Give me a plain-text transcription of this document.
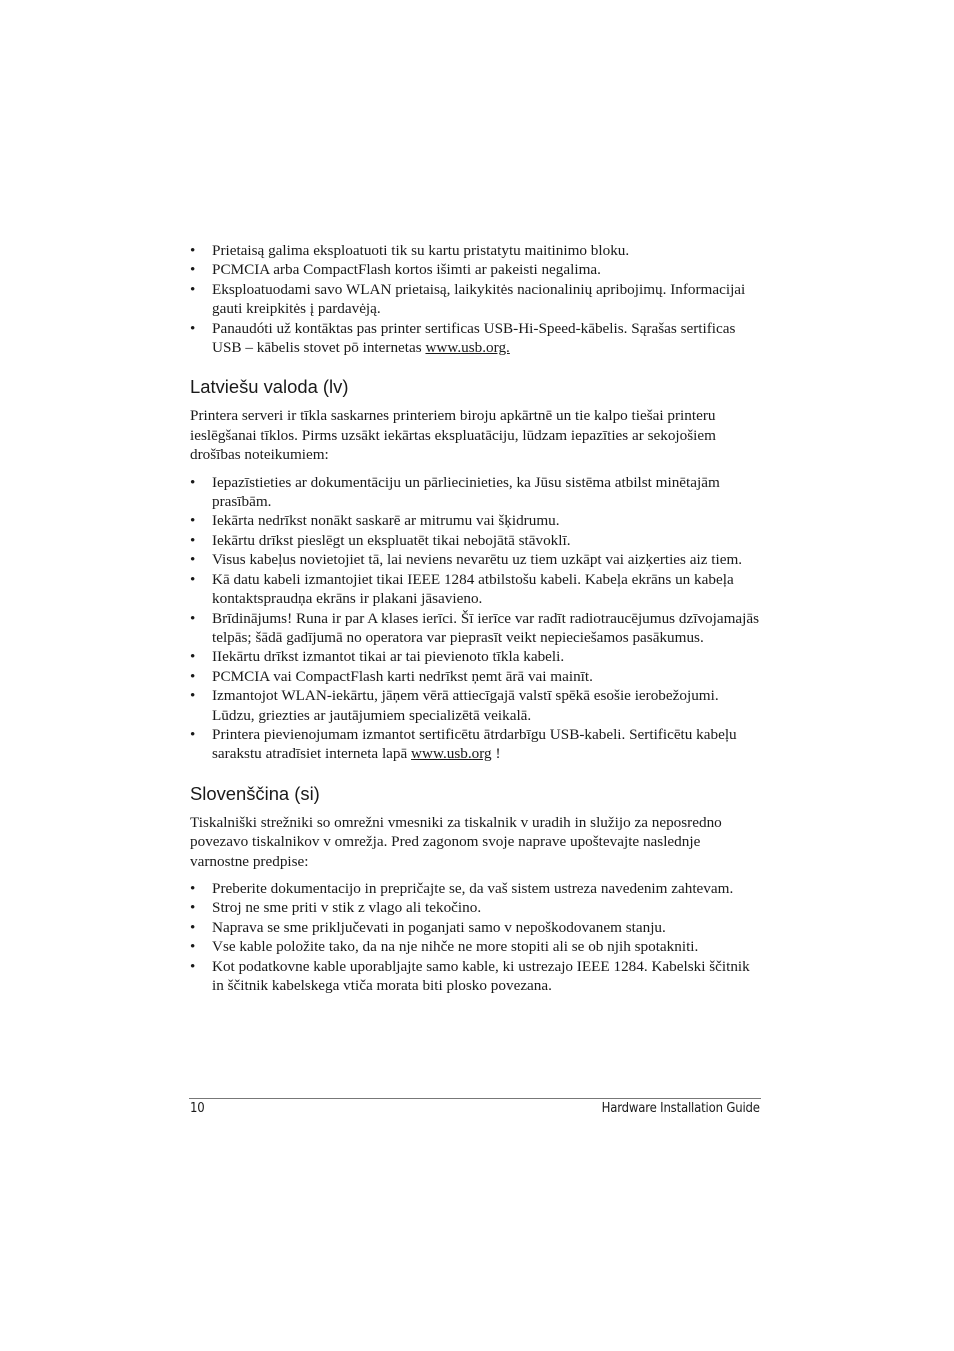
• Prietaisą galima eksploatuoti tik su kartu pristatytu maitinimo bloku.
• PCMCIA arba CompactFlash kortos išimti ar pakeisti negalima.
• Eksploatuodami savo WLAN prietaisą, laikykitės nacionalinių apribojimų. Informacijai gauti kreipkitės į pardavėją.
• Panaudóti už kontāktas pas printer sertificas USB-Hi-Speed-kābelis. Sąrašas sertificas USB – kābelis stovet pō internetas www.usb.org.
Latviešu valoda (lv)

Printera serveri ir tīkla saskarnes printeriem biroju apkārtnē un tie kalpo tiešai printeru ieslēgšanai tīklos. Pirms uzsākt iekārtas ekspluatāciju, lūdzam iepazīties ar sekojošiem drošības noteikumiem:

• Iepazīstieties ar dokumentāciju un pārliecinieties, ka Jūsu sistēma atbilst minētajām prasībām.
• Iekārta nedrīkst nonākt saskarē ar mitrumu vai šķidrumu.
• Iekārtu drīkst pieslēgt un ekspluatēt tikai nebojātā stāvoklī.
• Visus kabeļus novietojiet tā, lai neviens nevarētu uz tiem uzkāpt vai aizķerties aiz tiem.
• Kā datu kabeli izmantojiet tikai IEEE 1284 atbilstošu kabeli. Kabeļa ekrāns un kabeļa kontaktspraudņa ekrāns ir plakani jāsavieno.
• Brīdinājums! Runa ir par A klases ierīci. Šī ierīce var radīt radiotraucējumus dzīvojamajās telpās; šādā gadījumā no operatora var pieprasīt veikt nepieciešamos pasākumus.
• IIekārtu drīkst izmantot tikai ar tai pievienoto tīkla kabeli.
• PCMCIA vai CompactFlash karti nedrīkst ņemt ārā vai mainīt.
• Izmantojot WLAN-iekārtu, jāņem vērā attiecīgajā valstī spēkā esošie ierobežojumi. Lūdzu, griezties ar jautājumiem specializētā veikalā.
• Printera pievienojumam izmantot sertificētu ātrdarbīgu USB-kabeli. Sertificētu kabeļu sarakstu atradīsiet interneta lapā www.usb.org !
Slovenščina (si)

Tiskalniški strežniki so omrežni vmesniki za tiskalnik v uradih in služijo za neposredno povezavo tiskalnikov v omrežja. Pred zagonom svoje naprave upoštevajte naslednje varnostne predpise:

• Preberite dokumentacijo in prepričajte se, da vaš sistem ustreza navedenim zahtevam.
• Stroj ne sme priti v stik z vlago ali tekočino.
• Naprava se sme priključevati in poganjati samo v nepoškodovanem stanju.
• Vse kable položite tako, da na nje nihče ne more stopiti ali se ob njih spotakniti.
• Kot podatkovne kable uporabljajte samo kable, ki ustrezajo IEEE 1284. Kabelski ščitnik in ščitnik kabelskega vtiča morata biti plosko povezana.
10	Hardware Installation Guide
